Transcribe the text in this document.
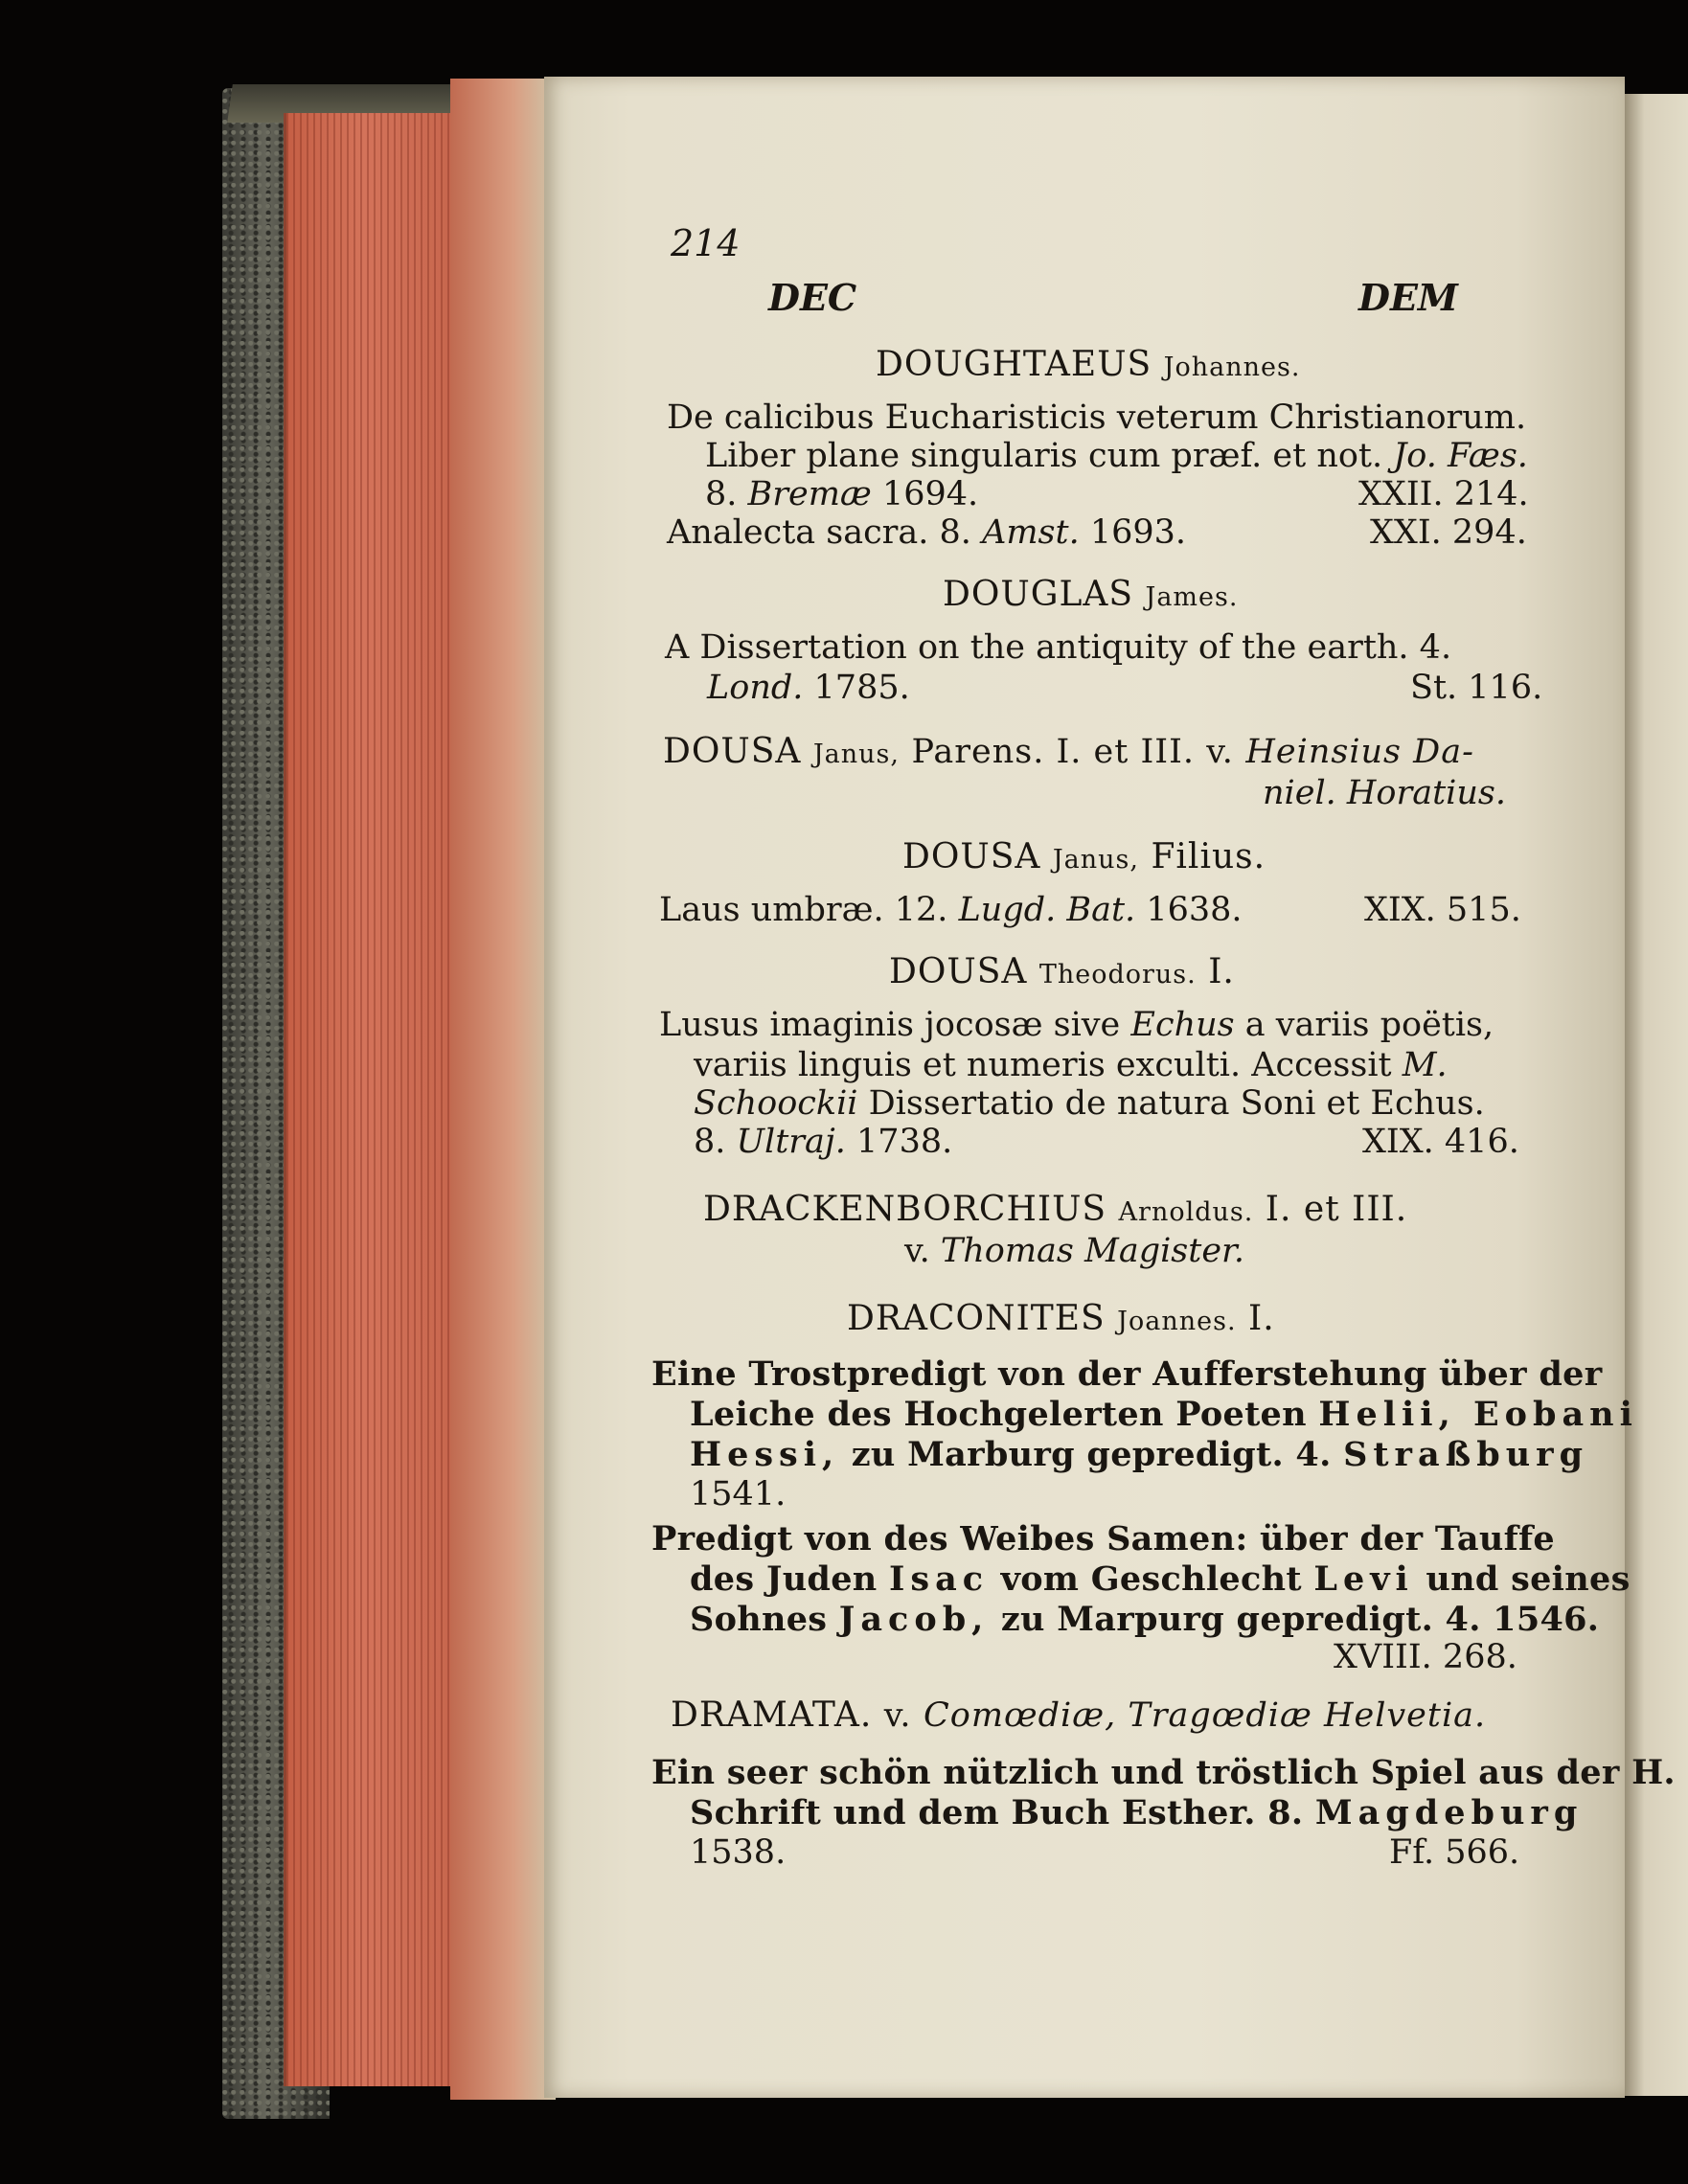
214
DEC	DEM
DOUGHTAEUS Johannes.
De calicibus Eucharisticis veterum Christianorum.
Liber plane singularis cum præf. et not. Jo. Fæs.
8. Bremæ 1694.	XXII. 214.
Analecta sacra. 8. Amst. 1693.	XXI. 294.
DOUGLAS James.
A Dissertation on the antiquity of the earth. 4.
Lond. 1785.	St. 116.
DOUSA Janus, Parens. I. et III. v. Heinsius Da-
niel. Horatius.
DOUSA Janus, Filius.
Laus umbræ. 12. Lugd. Bat. 1638.	XIX. 515.
DOUSA Theodorus. I.
Lusus imaginis jocosæ sive Echus a variis poëtis,
variis linguis et numeris exculti. Accessit M.
Schoockii Dissertatio de natura Soni et Echus.
8. Ultraj. 1738.	XIX. 416.
DRACKENBORCHIUS Arnoldus. I. et III.
v. Thomas Magister.
DRACONITES Joannes. I.
Eine Trostpredigt von der Aufferstehung über der
Leiche des Hochgelerten Poeten Helii, Eobani
Hessi, zu Marburg gepredigt. 4. Straßburg
1541.
Predigt von des Weibes Samen: über der Tauffe
des Juden Isac vom Geschlecht Levi und seines
Sohnes Jacob, zu Marpurg gepredigt. 4. 1546.
XVIII. 268.
DRAMATA. v. Comœdiæ, Tragœdiæ Helvetia.
Ein seer schön nützlich und tröstlich Spiel aus der H.
Schrift und dem Buch Esther. 8. Magdeburg
1538.	Ff. 566.
